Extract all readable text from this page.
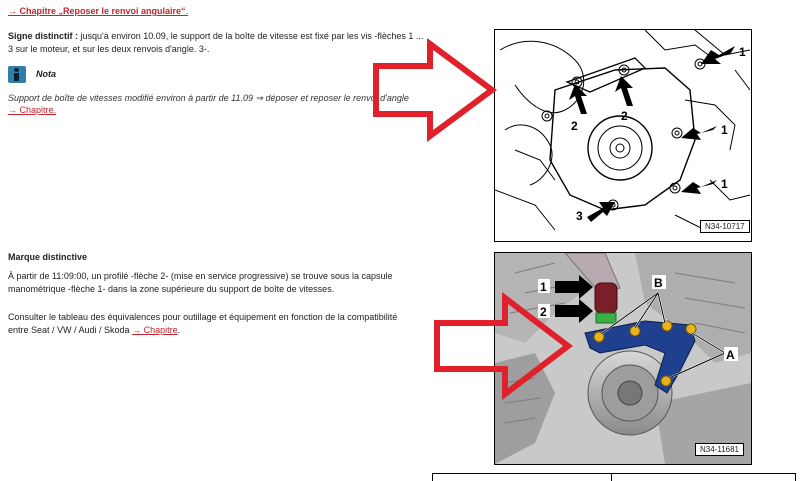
→ Chapitre „Reposer le renvoi angulaire“.
Signe distinctif : jusqu'à environ 10.09, le support de la boîte de vitesse est fixé par les vis -flèches 1 ...
3 sur le moteur, et sur les deux renvois d'angle. 3-.
Nota
Support de boîte de vitesses modifié environ à partir de 11.09 ⇒ déposer et reposer le renvoi d'angle
→ Chapitre.
1
1
1
2
2
3
N34-10717
1
2
A
B
N34-11681
Marque distinctive
À partir de 11:09:00, un profilé -flèche 2- (mise en service progressive) se trouve sous la capsule
manométrique -flèche 1- dans la zone supérieure du support de boîte de vitesses.
Consulter le tableau des équivalences pour outillage et équipement en fonction de la compatibilité
entre Seat / VW / Audi / Skoda → Chapitre.
